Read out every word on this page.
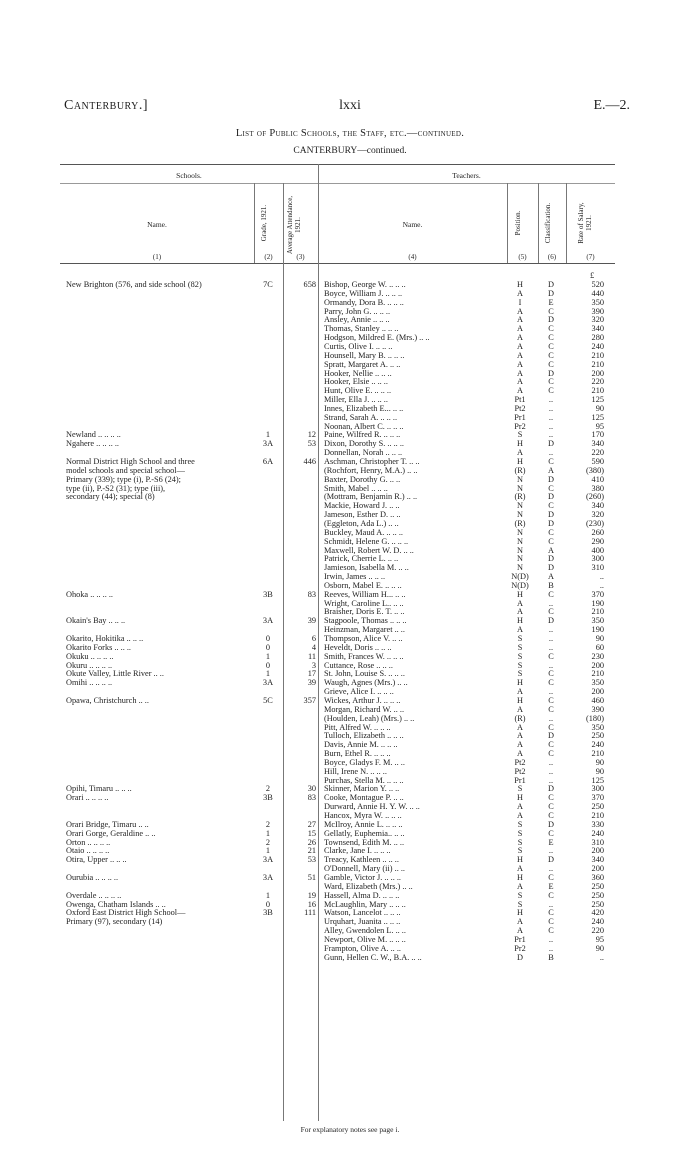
Canterbury.]	lxxi	E.—2.
List of Public Schools, the Staff, etc.—continued.
CANTERBURY—continued.
Schools.	Teachers.
Name.	Grade, 1921.	Average Attendance, 1921.	Name.	Position.	Classification.	Rate of Salary, 1921.
(1)	(2)	(3)	(4)	(5)	(6)	(7)
£
New Brighton (576, and side school (82)	7C	658 Bishop, George W. .. .. ..	H	D	520
Boyce, William J. .. .. ..	A	D	440
Ormandy, Dora B. .. .. ..	I	E	350
Parry, John G. .. .. ..	A	C	390
Ansley, Annie .. .. ..	A	D	320
Thomas, Stanley .. .. ..	A	C	340
Hodgson, Mildred E. (Mrs.) .. ..	A	C	280
Curtis, Olive I. .. .. ..	A	C	240
Hounsell, Mary B. .. .. ..	A	C	210
Spratt, Margaret A. .. ..	A	C	210
Hooker, Nellie .. .. ..	A	D	200
Hooker, Elsie .. .. ..	A	C	220
Hunt, Olive E. .. .. ..	A	C	210
Miller, Ella J. .. .. ..	Pt1	..	125
Innes, Elizabeth E... .. ..	Pt2	..	90
Strand, Sarah A. .. .. ..	Pr1	..	125
Noonan, Albert C. .. .. ..	Pr2	..	95
Newland .. .. .. ..	1	12 Paine, Wilfred R. .. .. ..	S	..	170
Ngahere .. .. .. ..	3A	53 Dixon, Dorothy S. .. .. ..	H	D	340
Donnellan, Norah .. .. ..	A	..	220
Normal District High School and three	6A	446 Aschman, Christopher T. .. ..	H	C	590
model schools and special school—	(Rochfort, Henry, M.A.) .. ..	(R)	A	(380)
Primary (339); type (i), P.-S6 (24);	Baxter, Dorothy G. .. ..	N	D	410
type (ii), P.-S2 (31); type (iii),	Smith, Mabel .. .. ..	N	C	380
secondary (44); special (8)	(Mottram, Benjamin R.) .. ..	(R)	D	(260)
Mackie, Howard J. .. ..	N	C	340
Jameson, Esther D. .. ..	N	D	320
(Eggleton, Ada L.) .. ..	(R)	D	(230)
Buckley, Maud A. .. .. ..	N	C	260
Schmidt, Helene G. .. .. ..	N	C	290
Maxwell, Robert W. D. .. ..	N	A	400
Patrick, Cherrie L. .. ..	N	D	300
Jamieson, Isabella M. .. ..	N	D	310
Irwin, James .. .. ..	N(D)	A	..
Osborn, Mabel E. .. .. ..	N(D)	B	..
Ohoka .. .. .. ..	3B	83 Reeves, William H... .. ..	H	C	370
Wright, Caroline L.. .. ..	A	..	190
Braisher, Doris E. T. .. ..	A	C	210
Okain's Bay .. .. ..	3A	39 Stagpoole, Thomas .. .. ..	H	D	350
Heinzman, Margaret .. ..	A	..	190
Okarito, Hokitika .. .. ..	0	6 Thompson, Alice V. .. ..	S	..	90
Okarito Forks .. .. ..	0	4 Heveldt, Doris .. .. ..	S	..	60
Okuku .. .. .. ..	1	11 Smith, Frances W. .. .. ..	S	C	230
Okuru .. .. .. ..	0	3 Cuttance, Rose .. .. ..	S	..	200
Okute Valley, Little River .. ..	1	17 St. John, Louise S. .. .. ..	S	C	210
Omihi .. .. .. ..	3A	39 Waugh, Agnes (Mrs.) .. ..	H	C	350
Grieve, Alice I. .. .. ..	A	..	200
Opawa, Christchurch .. ..	5C	357 Wickes, Arthur J. .. .. ..	H	C	460
Morgan, Richard W. .. ..	A	C	390
(Houlden, Leah) (Mrs.) .. ..	(R)	..	(180)
Pitt, Alfred W. .. .. ..	A	C	350
Tulloch, Elizabeth .. .. ..	A	D	250
Davis, Annie M. .. .. ..	A	C	240
Burn, Ethel R. .. .. ..	A	C	210
Boyce, Gladys F. M. .. ..	Pt2	..	90
Hill, Irene N. .. .. ..	Pt2	..	90
Purchas, Stella M. .. .. ..	Pr1	..	125
Opihi, Timaru .. .. ..	2	30 Skinner, Marion Y. .. ..	S	D	300
Orari .. .. .. ..	3B	83 Cooke, Montague P. .. ..	H	C	370
Durward, Annie H. Y. W. .. ..	A	C	250
Hancox, Myra W. .. .. ..	A	C	210
Orari Bridge, Timaru .. ..	2	27 McIlroy, Annie L. .. .. ..	S	D	330
Orari Gorge, Geraldine .. ..	1	15 Gellatly, Euphemia.. .. ..	S	C	240
Orton .. .. .. ..	2	26 Townsend, Edith M. .. ..	S	E	310
Otaio .. .. .. ..	1	21 Clarke, Jane I. .. .. ..	S	..	200
Otira, Upper .. .. ..	3A	53 Treacy, Kathleen .. .. ..	H	D	340
O'Donnell, Mary (ii) .. ..	A	..	200
Ourubia .. .. .. ..	3A	51 Gamble, Victor J. .. .. ..	H	C	360
Ward, Elizabeth (Mrs.) .. ..	A	E	250
Overdale .. .. .. ..	1	19 Hassell, Alma D. .. .. ..	S	C	250
Owenga, Chatham Islands .. ..	0	16 McLaughlin, Mary .. .. ..	S	..	250
Oxford East District High School—	3B	111 Watson, Lancelot .. .. ..	H	C	420
Primary (97), secondary (14)	Urquhart, Juanita .. .. ..	A	C	240
Alley, Gwendolen L. .. ..	A	C	220
Newport, Olive M. .. .. ..	Pr1	..	95
Frampton, Olive A. .. ..	Pr2	..	90
Gunn, Hellen C. W., B.A. .. ..	D	B	..
For explanatory notes see page i.
